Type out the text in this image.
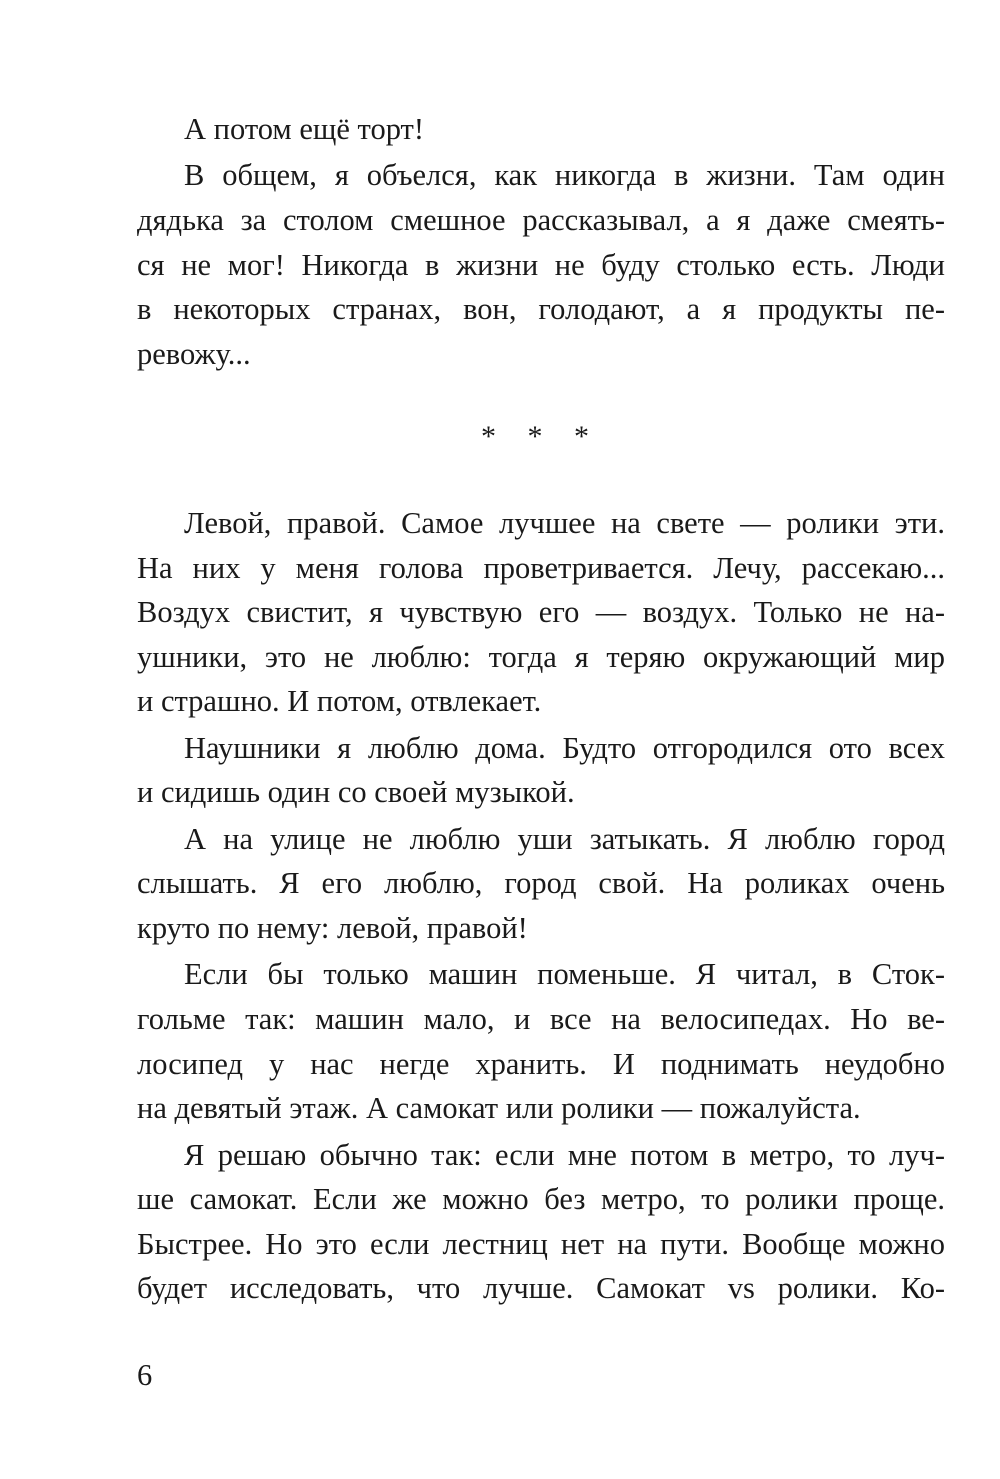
А потом ещё торт!
В общем, я объелся, как никогда в жизни. Там один
дядька за столом смешное рассказывал, а я даже смеять-
ся не мог! Никогда в жизни не буду столько есть. Люди
в некоторых странах, вон, голодают, а я продукты пе-
ревожу...
* * *
Левой, правой. Самое лучшее на свете — ролики эти.
На них у меня голова проветривается. Лечу, рассекаю...
Воздух свистит, я чувствую его — воздух. Только не на-
ушники, это не люблю: тогда я теряю окружающий мир
и страшно. И потом, отвлекает.
Наушники я люблю дома. Будто отгородился ото всех
и сидишь один со своей музыкой.
А на улице не люблю уши затыкать. Я люблю город
слышать. Я его люблю, город свой. На роликах очень
круто по нему: левой, правой!
Если бы только машин поменьше. Я читал, в Сток-
гольме так: машин мало, и все на велосипедах. Но ве-
лосипед у нас негде хранить. И поднимать неудобно
на девятый этаж. А самокат или ролики — пожалуйста.
Я решаю обычно так: если мне потом в метро, то луч-
ше самокат. Если же можно без метро, то ролики проще.
Быстрее. Но это если лестниц нет на пути. Вообще можно
будет исследовать, что лучше. Самокат vs ролики. Ко-
6
